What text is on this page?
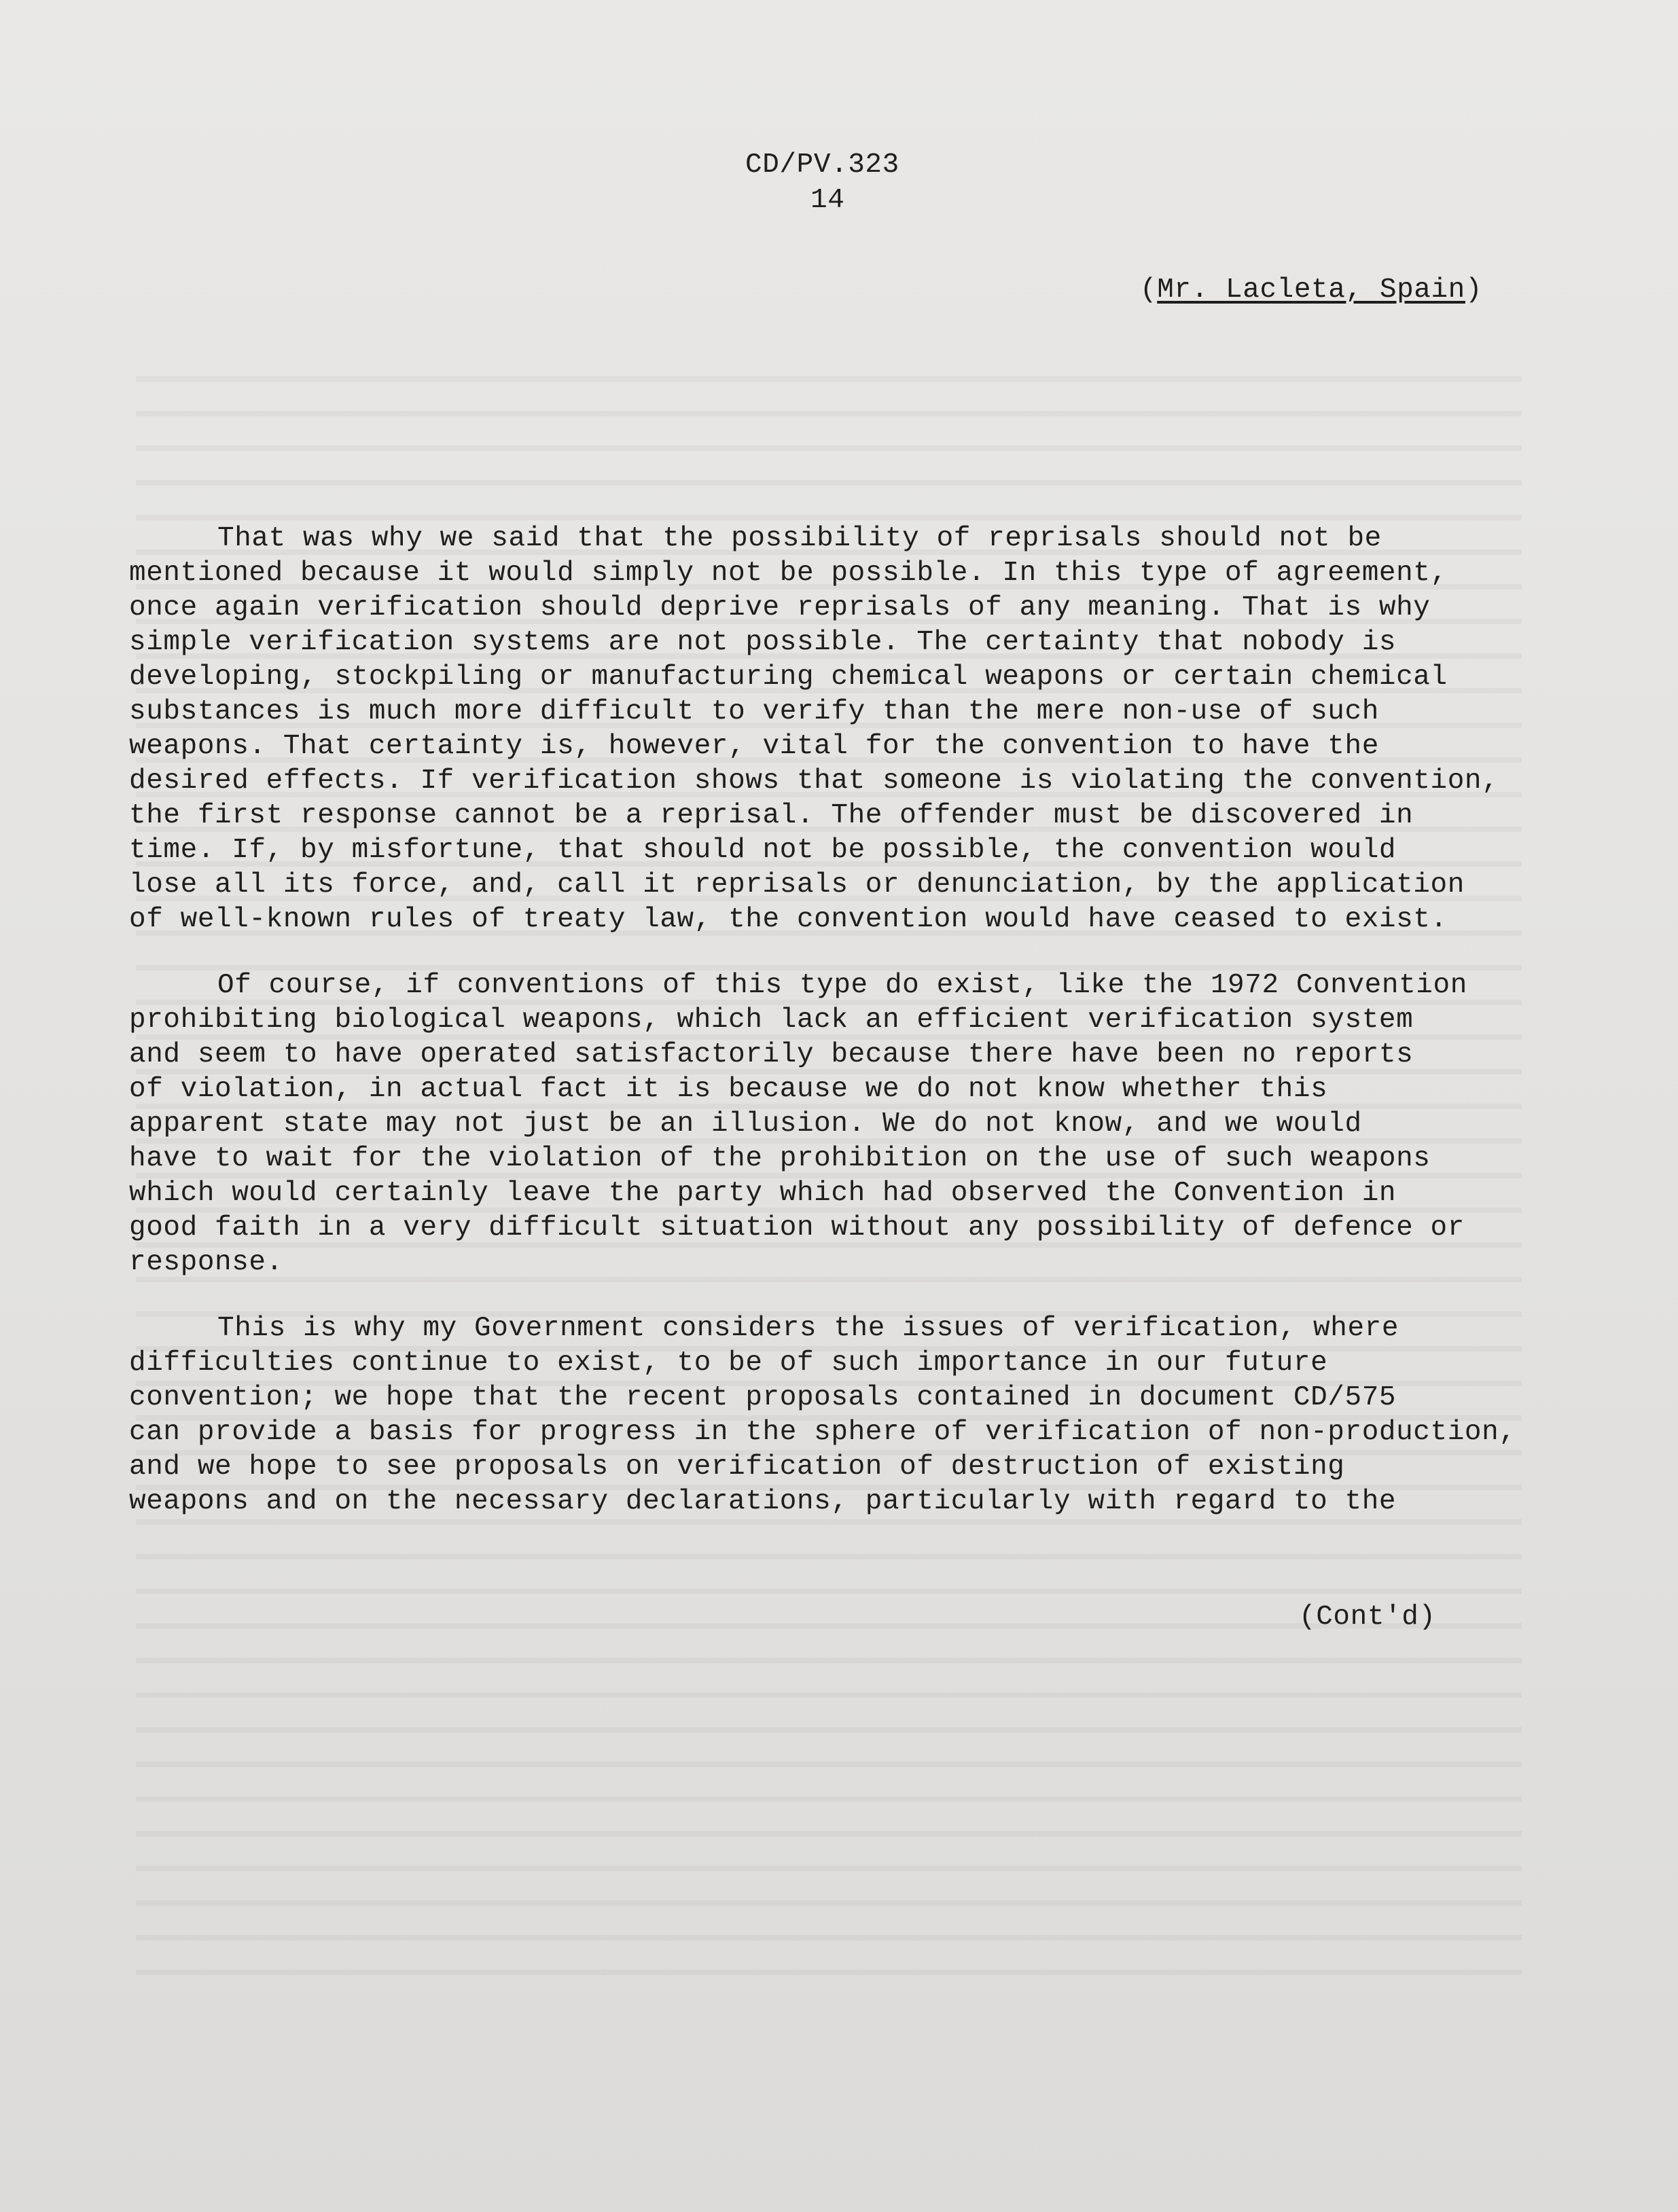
CD/PV.323
14
(Mr. Lacleta, Spain)
That was why we said that the possibility of reprisals should not be
mentioned because it would simply not be possible. In this type of agreement,
once again verification should deprive reprisals of any meaning. That is why
simple verification systems are not possible. The certainty that nobody is
developing, stockpiling or manufacturing chemical weapons or certain chemical
substances is much more difficult to verify than the mere non-use of such
weapons. That certainty is, however, vital for the convention to have the
desired effects. If verification shows that someone is violating the convention,
the first response cannot be a reprisal. The offender must be discovered in
time. If, by misfortune, that should not be possible, the convention would
lose all its force, and, call it reprisals or denunciation, by the application
of well-known rules of treaty law, the convention would have ceased to exist.
Of course, if conventions of this type do exist, like the 1972 Convention
prohibiting biological weapons, which lack an efficient verification system
and seem to have operated satisfactorily because there have been no reports
of violation, in actual fact it is because we do not know whether this
apparent state may not just be an illusion. We do not know, and we would
have to wait for the violation of the prohibition on the use of such weapons
which would certainly leave the party which had observed the Convention in
good faith in a very difficult situation without any possibility of defence or
response.
This is why my Government considers the issues of verification, where
difficulties continue to exist, to be of such importance in our future
convention; we hope that the recent proposals contained in document CD/575
can provide a basis for progress in the sphere of verification of non-production,
and we hope to see proposals on verification of destruction of existing
weapons and on the necessary declarations, particularly with regard to the
(Cont'd)
